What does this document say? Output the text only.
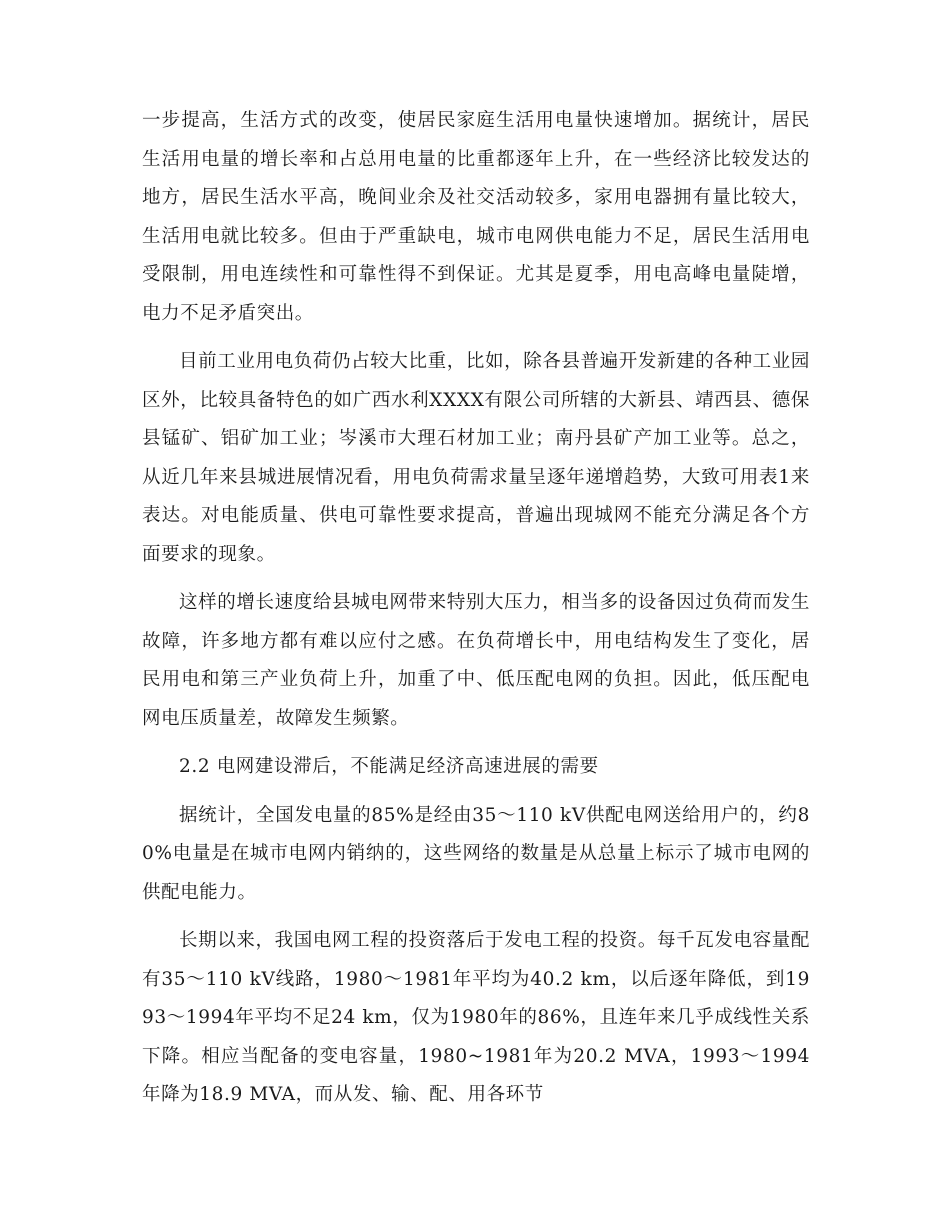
一步提高，生活方式的改变，使居民家庭生活用电量快速增加。据统计，居民生活用电量的增长率和占总用电量的比重都逐年上升，在一些经济比较发达的地方，居民生活水平高，晚间业余及社交活动较多，家用电器拥有量比较大，生活用电就比较多。但由于严重缺电，城市电网供电能力不足，居民生活用电受限制，用电连续性和可靠性得不到保证。尤其是夏季，用电高峰电量陡增，电力不足矛盾突出。

目前工业用电负荷仍占较大比重，比如，除各县普遍开发新建的各种工业园区外，比较具备特色的如广西水利XXXX有限公司所辖的大新县、靖西县、德保县锰矿、铝矿加工业；岑溪市大理石材加工业；南丹县矿产加工业等。总之，从近几年来县城进展情况看，用电负荷需求量呈逐年递增趋势，大致可用表1来表达。对电能质量、供电可靠性要求提高，普遍出现城网不能充分满足各个方面要求的现象。

这样的增长速度给县城电网带来特别大压力，相当多的设备因过负荷而发生故障，许多地方都有难以应付之感。在负荷增长中，用电结构发生了变化，居民用电和第三产业负荷上升，加重了中、低压配电网的负担。因此，低压配电网电压质量差，故障发生频繁。

2.2 电网建设滞后，不能满足经济高速进展的需要

据统计，全国发电量的85%是经由35～110 kV供配电网送给用户的，约80%电量是在城市电网内销纳的，这些网络的数量是从总量上标示了城市电网的供配电能力。

长期以来，我国电网工程的投资落后于发电工程的投资。每千瓦发电容量配有35～110 kV线路，1980～1981年平均为40.2 km，以后逐年降低，到1993～1994年平均不足24 km，仅为1980年的86%，且连年来几乎成线性关系下降。相应当配备的变电容量，1980~1981年为20.2 MVA，1993～1994年降为18.9 MVA，而从发、输、配、用各环节
